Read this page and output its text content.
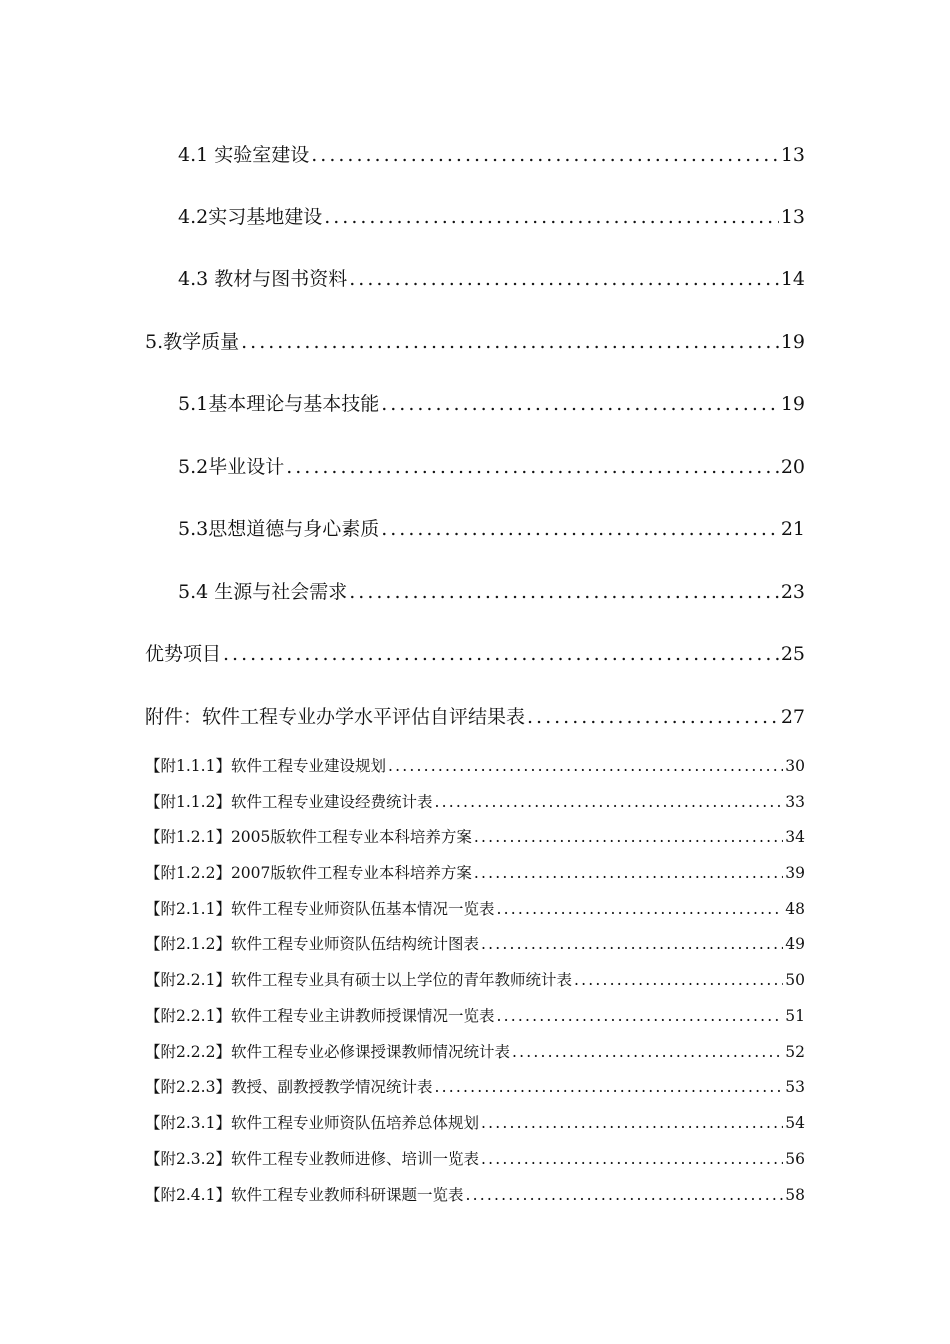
4.1 实验室建设 .....	13
4.2实习基地建设 .....	13
4.3 教材与图书资料 .....	14
5.教学质量 .....	19
5.1基本理论与基本技能 .....	19
5.2毕业设计 .....	20
5.3思想道德与身心素质 .....	21
5.4 生源与社会需求 .....	23
优势项目 .....	25
附件：软件工程专业办学水平评估自评结果表 .....	27
【附1.1.1】软件工程专业建设规划 .....	30
【附1.1.2】软件工程专业建设经费统计表 .....	33
【附1.2.1】2005版软件工程专业本科培养方案 .....	34
【附1.2.2】2007版软件工程专业本科培养方案 .....	39
【附2.1.1】软件工程专业师资队伍基本情况一览表 .....	48
【附2.1.2】软件工程专业师资队伍结构统计图表 .....	49
【附2.2.1】软件工程专业具有硕士以上学位的青年教师统计表 .....	50
【附2.2.1】软件工程专业主讲教师授课情况一览表 .....	51
【附2.2.2】软件工程专业必修课授课教师情况统计表 .....	52
【附2.2.3】教授、副教授教学情况统计表 .....	53
【附2.3.1】软件工程专业师资队伍培养总体规划 .....	54
【附2.3.2】软件工程专业教师进修、培训一览表 .....	56
【附2.4.1】软件工程专业教师科研课题一览表 .....	58
